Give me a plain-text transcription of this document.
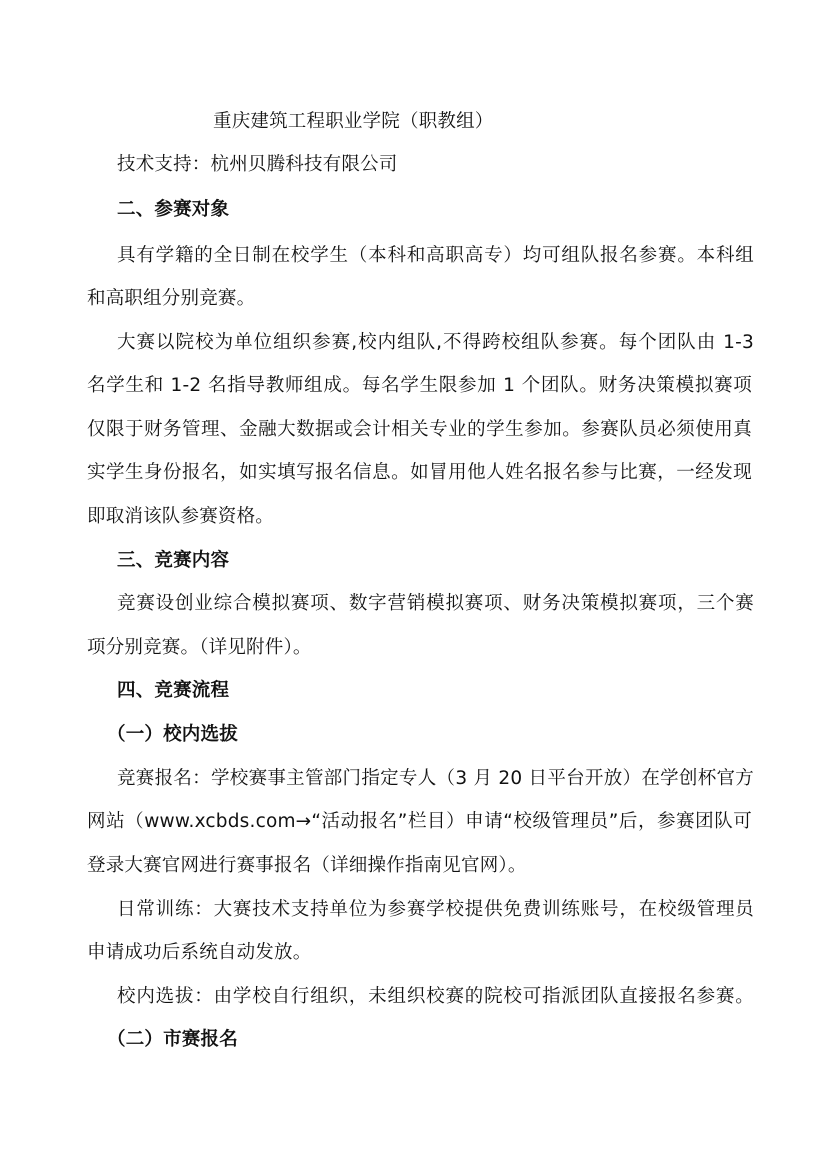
重庆建筑工程职业学院（职教组）
技术支持：杭州贝腾科技有限公司
二、参赛对象
具有学籍的全日制在校学生（本科和高职高专）均可组队报名参赛。本科组
和高职组分别竞赛。
大赛以院校为单位组织参赛,校内组队,不得跨校组队参赛。每个团队由 1-3
名学生和 1-2 名指导教师组成。每名学生限参加 1 个团队。财务决策模拟赛项
仅限于财务管理、金融大数据或会计相关专业的学生参加。参赛队员必须使用真
实学生身份报名，如实填写报名信息。如冒用他人姓名报名参与比赛，一经发现
即取消该队参赛资格。
三、竞赛内容
竞赛设创业综合模拟赛项、数字营销模拟赛项、财务决策模拟赛项，三个赛
项分别竞赛。（详见附件）。
四、竞赛流程
（一）校内选拔
竞赛报名：学校赛事主管部门指定专人（3 月 20 日平台开放）在学创杯官方
网站（www.xcbds.com→“活动报名”栏目）申请“校级管理员”后，参赛团队可
登录大赛官网进行赛事报名（详细操作指南见官网）。
日常训练：大赛技术支持单位为参赛学校提供免费训练账号，在校级管理员
申请成功后系统自动发放。
校内选拔：由学校自行组织，未组织校赛的院校可指派团队直接报名参赛。
（二）市赛报名
